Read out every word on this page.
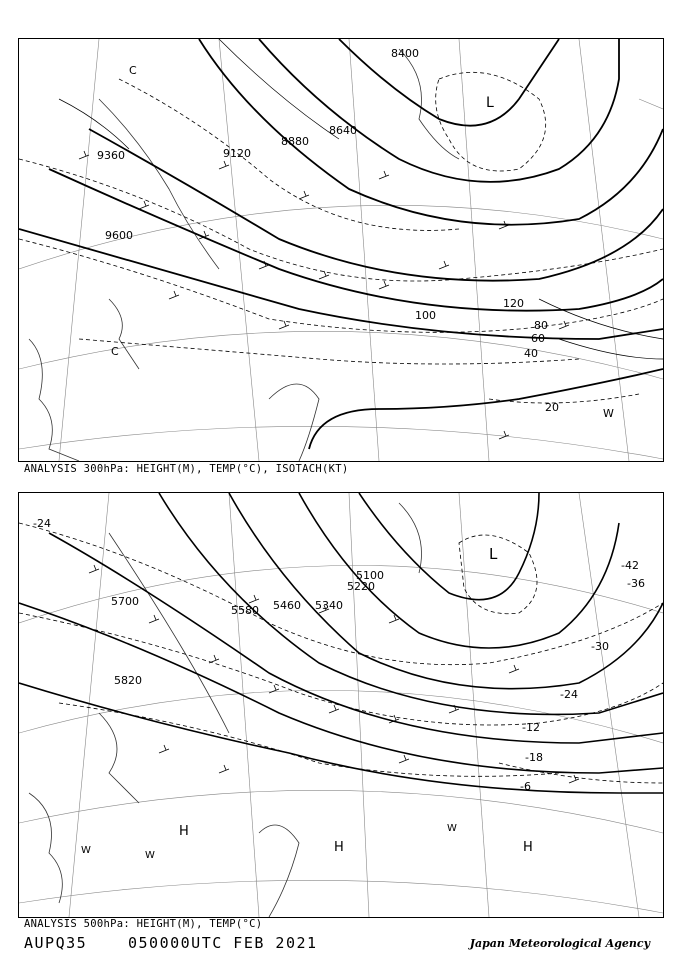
8400
8640
8880
9120
9360
9600
120
100
80
60
40
20
L
C
C
W
ANALYSIS 300hPa: HEIGHT(M), TEMP(°C), ISOTACH(KT)
5100
5220
5340
5460
5580
5700
5820
-42
-36
-30
-24
-18
-12
-6
-24
L
H
H	H
W
W
W
ANALYSIS 500hPa: HEIGHT(M), TEMP(°C)
AUPQ35	050000UTC FEB 2021	Japan Meteorological Agency
